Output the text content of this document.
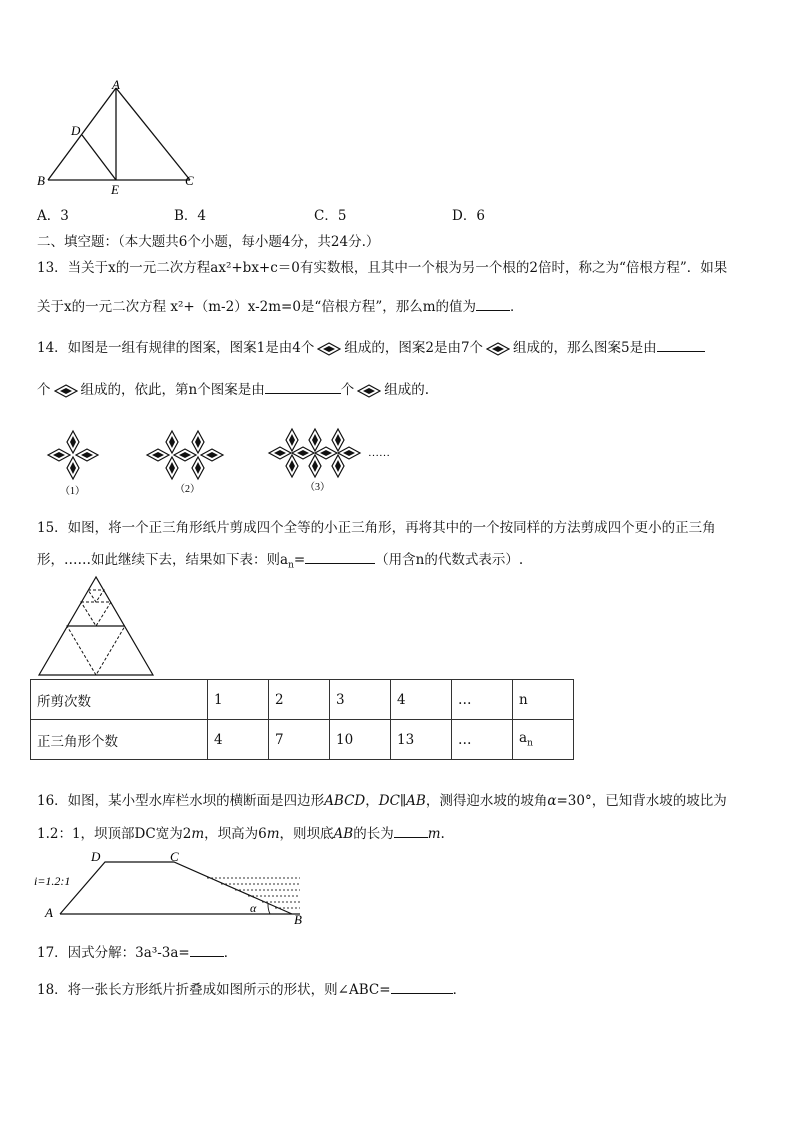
A
D
B
E
C
A．3	B．4	C．5	D．6
二、填空题：（本大题共6个小题，每小题4分，共24分.）
13．当关于x的一元二次方程ax²+bx+c＝0有实数根，且其中一个根为另一个根的2倍时，称之为“倍根方程”．如果
关于x的一元二次方程 x²+（m-2）x-2m=0是“倍根方程”，那么m的值为	．
14．如图是一组有规律的图案，图案1是由4个 组成的，图案2是由7个 组成的，那么图案5是由
个 组成的，依此，第n个图案是由	个 组成的.
（1）	（2）	（3）
……
15．如图，将一个正三角形纸片剪成四个全等的小正三角形，再将其中的一个按同样的方法剪成四个更小的正三角
形，……如此继续下去，结果如下表：则$a_n=$	（用含n的代数式表示）.
所剪次数	1	2	3	4	…	n
正三角形个数	4	7	10	13	…	$a_n$
16．如图，某小型水库栏水坝的横断面是四边形ABCD，DC∥AB，测得迎水坡的坡角α=30°，已知背水坡的坡比为
1.2：1，坝顶部DC宽为2m，坝高为6m，则坝底AB的长为	m.
i=1.2:1
D	C
A	B
α
17．因式分解：3a³-3a=	．
18．将一张长方形纸片折叠成如图所示的形状，则∠ABC=	．
